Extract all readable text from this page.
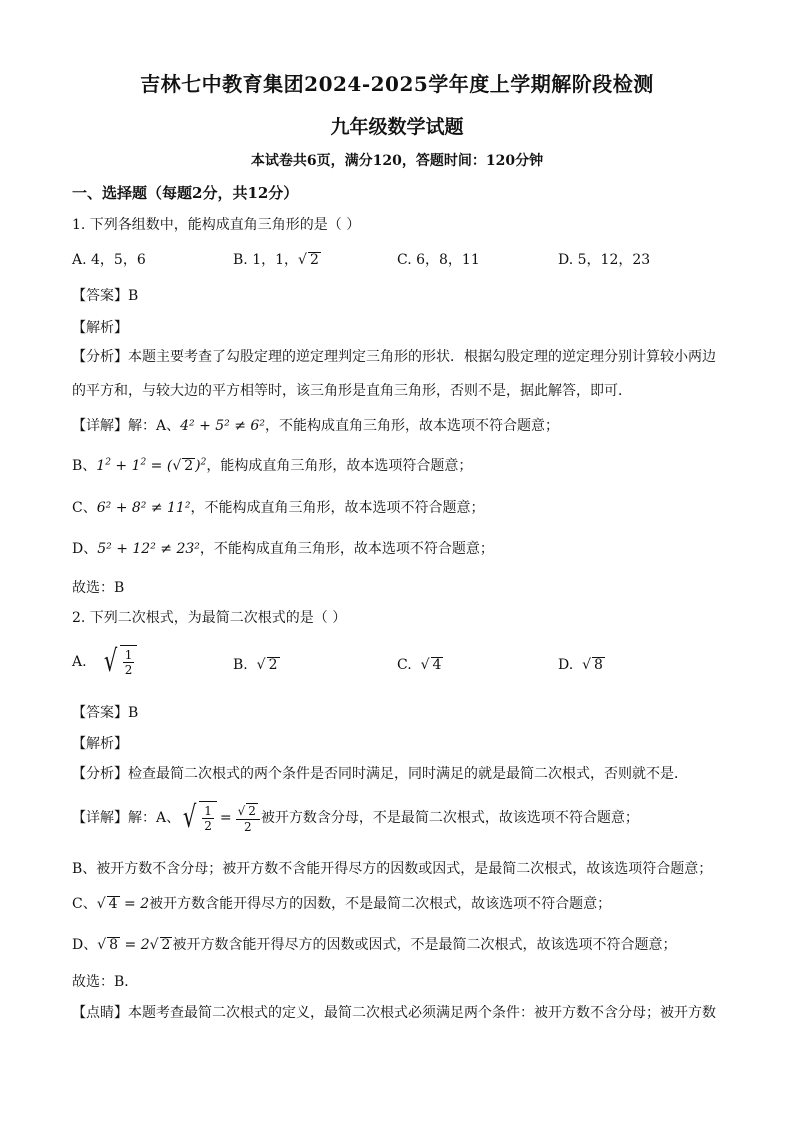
吉林七中教育集团2024-2025学年度上学期解阶段检测
九年级数学试题
本试卷共6页，满分120，答题时间：120分钟
一、选择题（每题2分，共12分）
1. 下列各组数中，能构成直角三角形的是（ ）
A. 4，5，6	B. 1，1，√ 2	C. 6，8，11	D. 5，12，23
【答案】B
【解析】
【分析】本题主要考查了勾股定理的逆定理判定三角形的形状．根据勾股定理的逆定理分别计算较小两边的平方和，与较大边的平方相等时，该三角形是直角三角形，否则不是，据此解答，即可．
【详解】解：A、4² + 5² ≠ 6²，不能构成直角三角形，故本选项不符合题意；
B、$1^2 + 1^2$ = (√ 2 )$^2$，能构成直角三角形，故本选项符合题意；
C、6² + 8² ≠ 11²，不能构成直角三角形，故本选项不符合题意；
D、5² + 12² ≠ 23²，不能构成直角三角形，故本选项不符合题意；
故选：B
2. 下列二次根式，为最简二次根式的是（ ）
A. √ $\frac{1}{2}$	B. √ 2	C. √ 4	D. √ 8
【答案】B
【解析】
【分析】检查最简二次根式的两个条件是否同时满足，同时满足的就是最简二次根式，否则就不是．
【详解】解：A、 √ $\frac{1}{2} = \frac{√ 2}{2}$ 被开方数含分母，不是最简二次根式，故该选项不符合题意；
B、被开方数不含分母；被开方数不含能开得尽方的因数或因式，是最简二次根式，故该选项符合题意；
C、√ 4 = 2被开方数含能开得尽方的因数，不是最简二次根式，故该选项不符合题意；
D、√ 8 = 2√ 2 被开方数含能开得尽方的因数或因式，不是最简二次根式，故该选项不符合题意；
故选：B．
【点睛】本题考查最简二次根式的定义，最简二次根式必须满足两个条件：被开方数不含分母；被开方数
